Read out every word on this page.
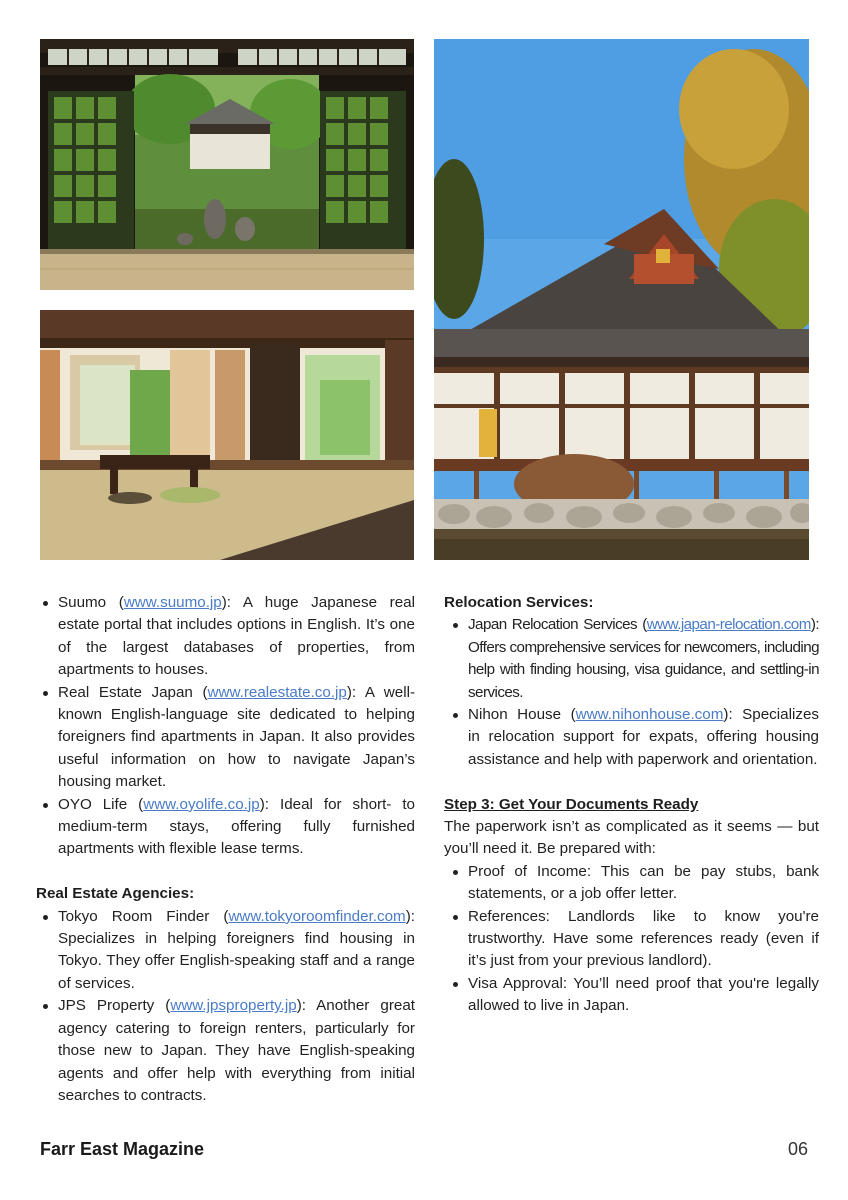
Suumo (www.suumo.jp): A huge Japanese real estate portal that includes options in English. It’s one of the largest databases of properties, from apartments to houses.
Real Estate Japan (www.realestate.co.jp): A well-known English-language site dedicated to helping foreigners find apartments in Japan. It also provides useful information on how to navigate Japan’s housing market.
OYO Life (www.oyolife.co.jp): Ideal for short- to medium-term stays, offering fully furnished apartments with flexible lease terms.
Real Estate Agencies:
Tokyo Room Finder (www.tokyoroomfinder.com): Specializes in helping foreigners find housing in Tokyo. They offer English-speaking staff and a range of services.
JPS Property (www.jpsproperty.jp): Another great agency catering to foreign renters, particularly for those new to Japan. They have English-speaking agents and offer help with everything from initial searches to contracts.
Relocation Services:
Japan Relocation Services (www.japan-relocation.com): Offers comprehensive services for newcomers, including help with finding housing, visa guidance, and settling-in services.
Nihon House (www.nihonhouse.com): Specializes in relocation support for expats, offering housing assistance and help with paperwork and orientation.
Step 3: Get Your Documents Ready
The paperwork isn’t as complicated as it seems — but you’ll need it. Be prepared with:
Proof of Income: This can be pay stubs, bank statements, or a job offer letter.
References: Landlords like to know you're trustworthy. Have some references ready (even if it’s just from your previous landlord).
Visa Approval: You’ll need proof that you're legally allowed to live in Japan.
Farr East Magazine	06
